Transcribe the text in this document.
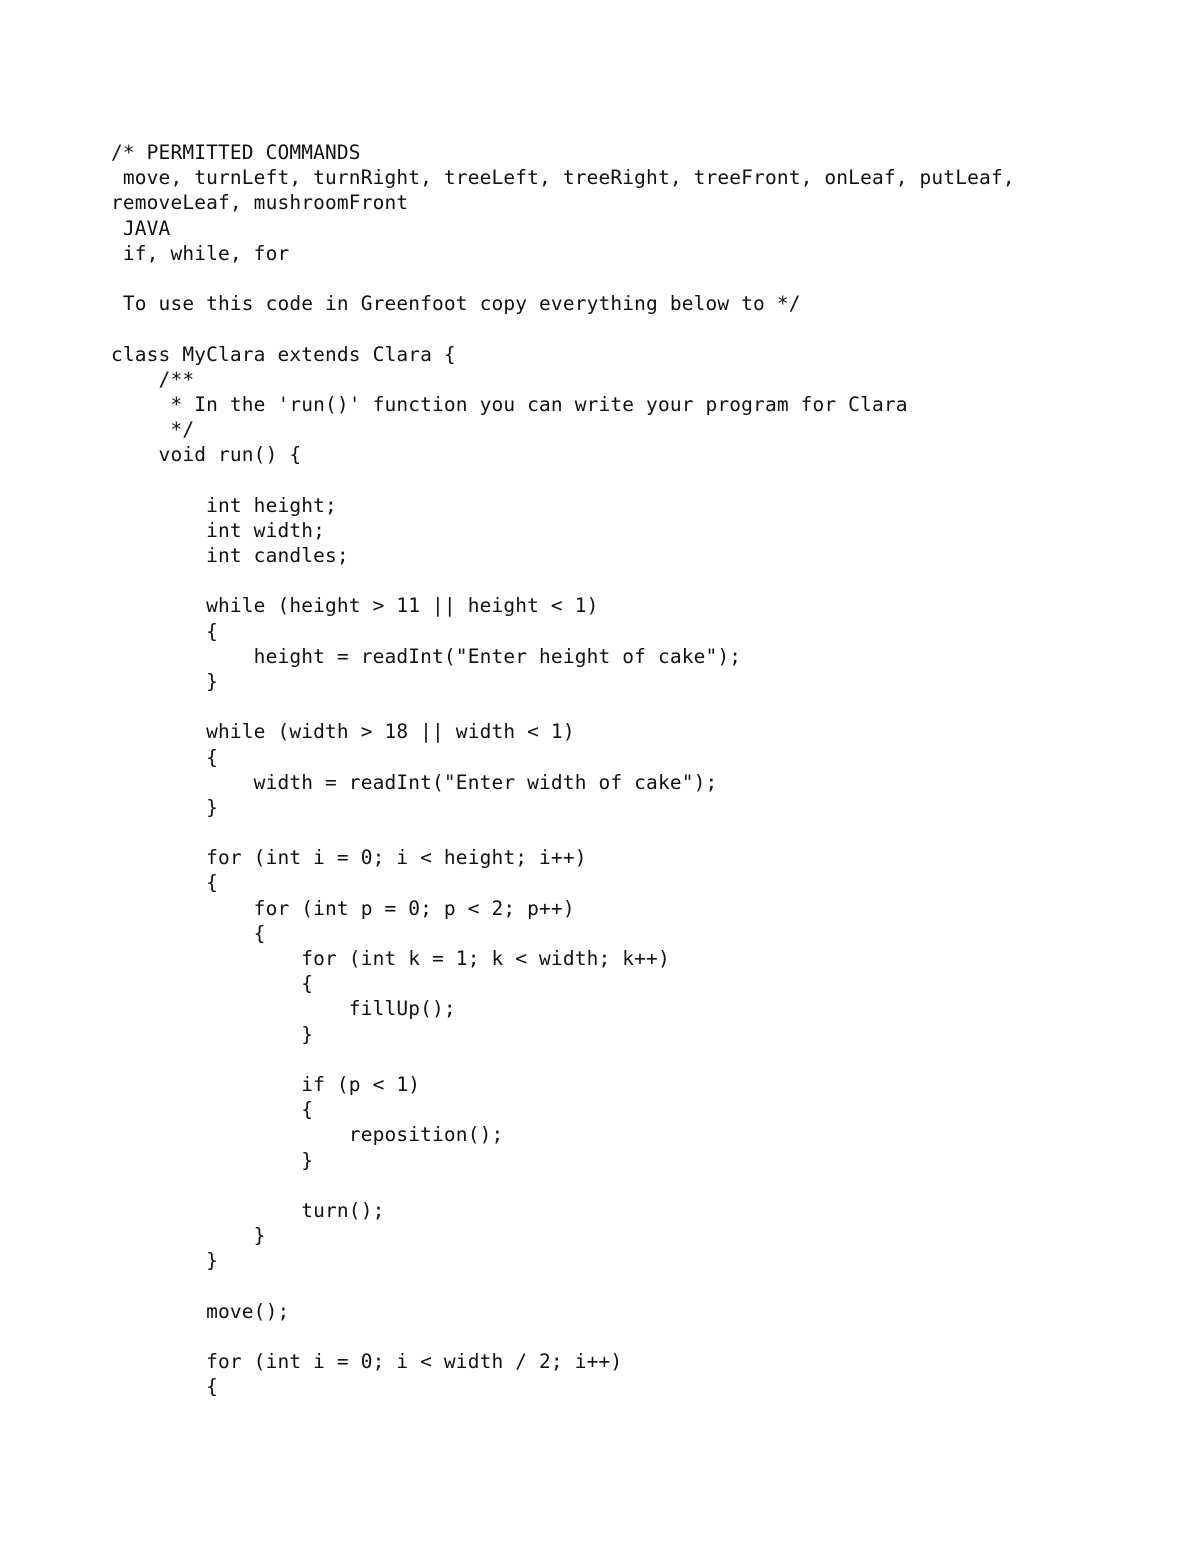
/* PERMITTED COMMANDS
move, turnLeft, turnRight, treeLeft, treeRight, treeFront, onLeaf, putLeaf,
removeLeaf, mushroomFront
JAVA
if, while, for
To use this code in Greenfoot copy everything below to */
class MyClara extends Clara {
/**
* In the 'run()' function you can write your program for Clara
*/
void run() {
int height;
int width;
int candles;
while (height > 11 || height < 1)
{
height = readInt("Enter height of cake");
}
while (width > 18 || width < 1)
{
width = readInt("Enter width of cake");
}
for (int i = 0; i < height; i++)
{
for (int p = 0; p < 2; p++)
{
for (int k = 1; k < width; k++)
{
fillUp();
}
if (p < 1)
{
reposition();
}
turn();
}
}
move();
for (int i = 0; i < width / 2; i++)
{
